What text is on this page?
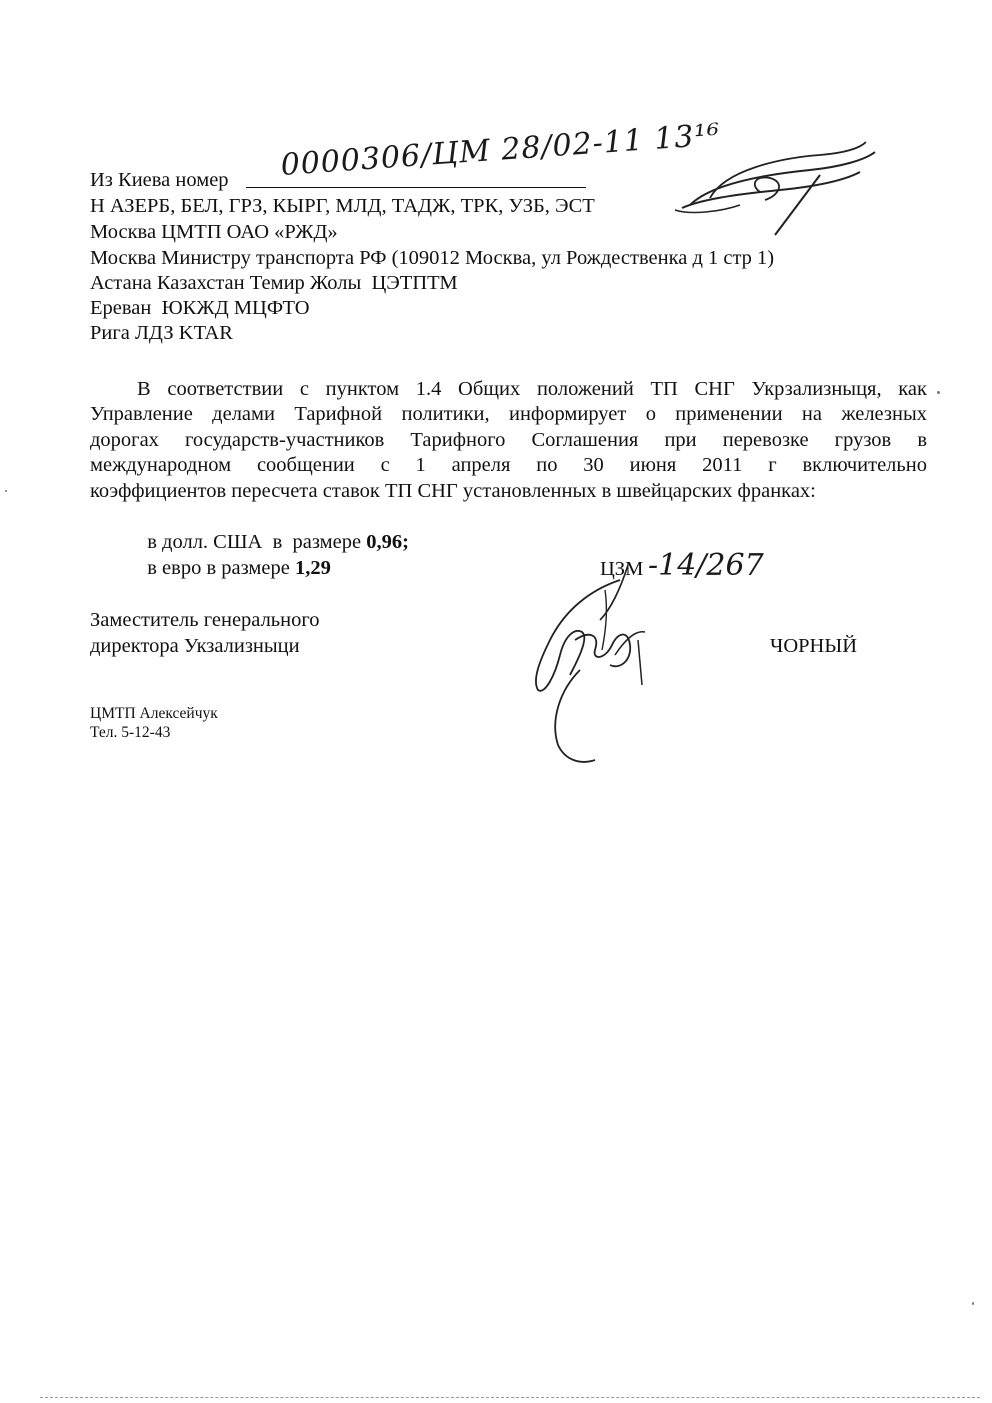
Из Киева номер 0000306/ЦМ 28/02-11 13¹⁶
Н АЗЕРБ, БЕЛ, ГРЗ, КЫРГ, МЛД, ТАДЖ, ТРК, УЗБ, ЭСТ
Москва ЦМТП ОАО «РЖД»
Москва Министру транспорта РФ (109012 Москва, ул Рождественка д 1 стр 1)
Астана Казахстан Темир Жолы  ЦЭТПТМ
Ереван  ЮКЖД МЦФТО
Рига ЛДЗ KTAR
В соответствии с пунктом 1.4 Общих положений ТП СНГ Укрзализныця, как
Управление делами Тарифной политики, информирует о применении на железных
дорогах государств-участников Тарифного Соглашения при перевозке грузов в
международном сообщении с 1 апреля по 30 июня 2011 г включительно
коэффициентов пересчета ставок ТП СНГ установленных в швейцарских франках:

в долл. США  в  размере 0,96;

в евро в размере 1,29	ЦЗМ -14/267
Заместитель генерального
директора Укзализныци	ЧОРНЫЙ
ЦМТП Алексейчук
Тел. 5-12-43
